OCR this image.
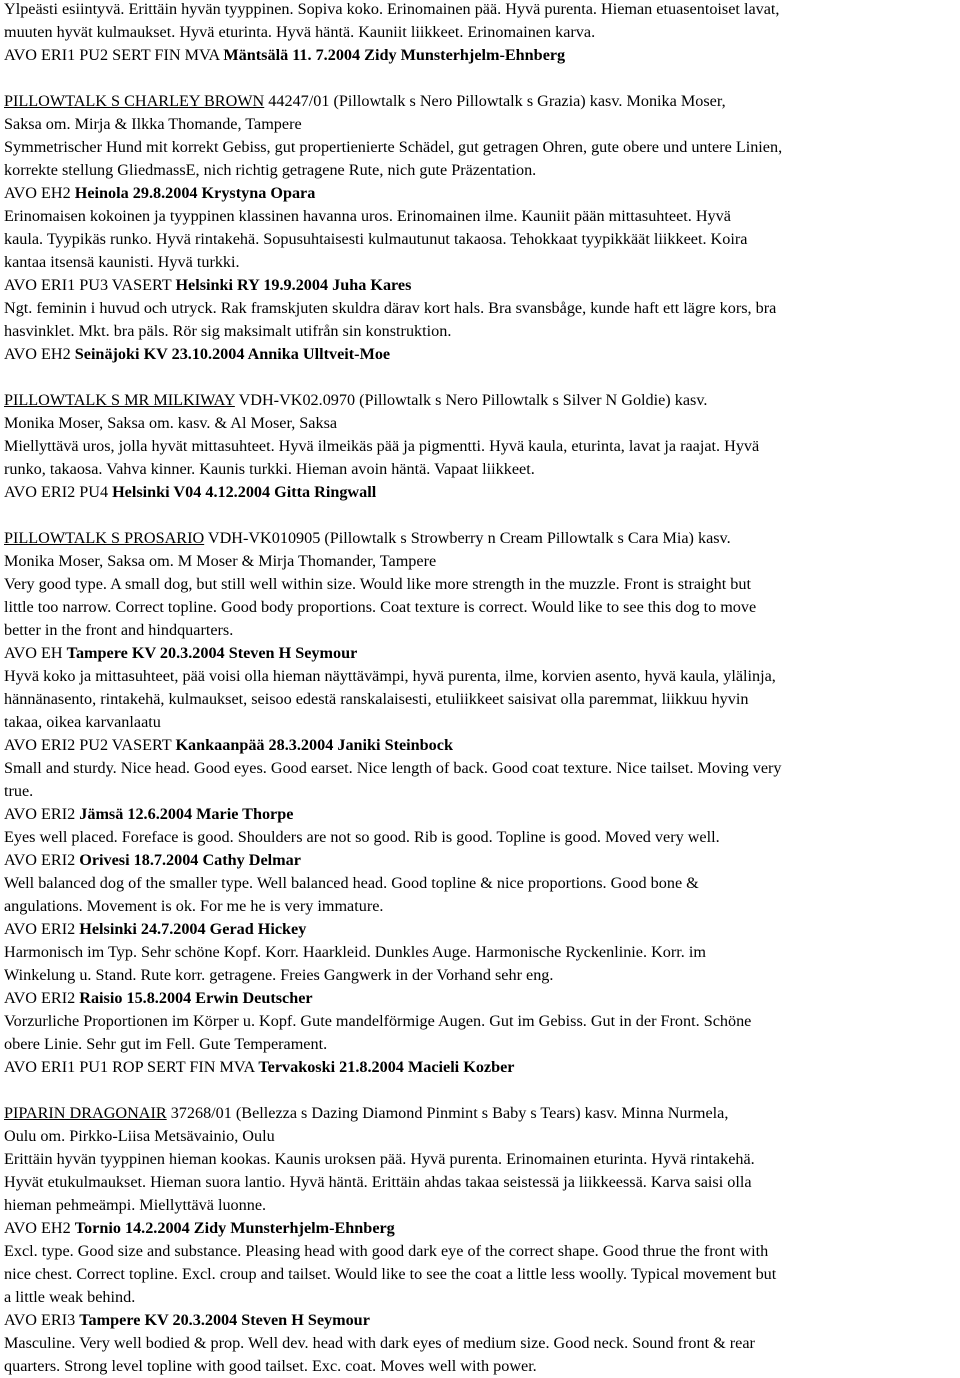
Ylpeästi esiintyvä. Erittäin hyvän tyyppinen. Sopiva koko. Erinomainen pää. Hyvä purenta. Hieman etuasentoiset lavat,
muuten hyvät kulmaukset. Hyvä eturinta. Hyvä häntä. Kauniit liikkeet. Erinomainen karva.
AVO ERI1 PU2 SERT FIN MVA Mäntsälä 11. 7.2004 Zidy Munsterhjelm-Ehnberg
PILLOWTALK S CHARLEY BROWN 44247/01 (Pillowtalk s Nero Pillowtalk s Grazia) kasv. Monika Moser,
Saksa om. Mirja & Ilkka Thomande, Tampere
Symmetrischer Hund mit korrekt Gebiss, gut propertienierte Schädel, gut getragen Ohren, gute obere und untere Linien,
korrekte stellung GliedmassE, nich richtig getragene Rute, nich gute Präzentation.
AVO EH2 Heinola 29.8.2004 Krystyna Opara
Erinomaisen kokoinen ja tyyppinen klassinen havanna uros. Erinomainen ilme. Kauniit pään mittasuhteet. Hyvä
kaula. Tyypikäs runko. Hyvä rintakehä. Sopusuhtaisesti kulmautunut takaosa. Tehokkaat tyypikkäät liikkeet. Koira
kantaa itsensä kaunisti. Hyvä turkki.
AVO ERI1 PU3 VASERT Helsinki RY 19.9.2004 Juha Kares
Ngt. feminin i huvud och utryck. Rak framskjuten skuldra därav kort hals. Bra svansbåge, kunde haft ett lägre kors, bra
hasvinklet. Mkt. bra päls. Rör sig maksimalt utifrån sin konstruktion.
AVO EH2 Seinäjoki KV 23.10.2004 Annika Ulltveit-Moe
PILLOWTALK S MR MILKIWAY VDH-VK02.0970 (Pillowtalk s Nero Pillowtalk s Silver N Goldie) kasv.
Monika Moser, Saksa om. kasv. & Al Moser, Saksa
Miellyttävä uros, jolla hyvät mittasuhteet. Hyvä ilmeikäs pää ja pigmentti. Hyvä kaula, eturinta, lavat ja raajat. Hyvä
runko, takaosa. Vahva kinner. Kaunis turkki. Hieman avoin häntä. Vapaat liikkeet.
AVO ERI2 PU4 Helsinki V04 4.12.2004 Gitta Ringwall
PILLOWTALK S PROSARIO VDH-VK010905 (Pillowtalk s Strowberry n Cream Pillowtalk s Cara Mia) kasv.
Monika Moser, Saksa om. M Moser & Mirja Thomander, Tampere
Very good type. A small dog, but still well within size. Would like more strength in the muzzle. Front is straight but
little too narrow. Correct topline. Good body proportions. Coat texture is correct. Would like to see this dog to move
better in the front and hindquarters.
AVO EH Tampere KV 20.3.2004 Steven H Seymour
Hyvä koko ja mittasuhteet, pää voisi olla hieman näyttävämpi, hyvä purenta, ilme, korvien asento, hyvä kaula, ylälinja,
hännänasento, rintakehä, kulmaukset, seisoo edestä ranskalaisesti, etuliikkeet saisivat olla paremmat, liikkuu hyvin
takaa, oikea karvanlaatu
AVO ERI2 PU2 VASERT Kankaanpää 28.3.2004 Janiki Steinbock
Small and sturdy. Nice head. Good eyes. Good earset. Nice length of back. Good coat texture. Nice tailset. Moving very
true.
AVO ERI2 Jämsä 12.6.2004 Marie Thorpe
Eyes well placed. Foreface is good. Shoulders are not so good. Rib is good. Topline is good. Moved very well.
AVO ERI2 Orivesi 18.7.2004 Cathy Delmar
Well balanced dog of the smaller type. Well balanced head. Good topline & nice proportions. Good bone &
angulations. Movement is ok. For me he is very immature.
AVO ERI2 Helsinki 24.7.2004 Gerad Hickey
Harmonisch im Typ. Sehr schöne Kopf. Korr. Haarkleid. Dunkles Auge. Harmonische Ryckenlinie. Korr. im
Winkelung u. Stand. Rute korr. getragene. Freies Gangwerk in der Vorhand sehr eng.
AVO ERI2 Raisio 15.8.2004 Erwin Deutscher
Vorzurliche Proportionen im Körper u. Kopf. Gute mandelförmige Augen. Gut im Gebiss. Gut in der Front. Schöne
obere Linie. Sehr gut im Fell. Gute Temperament.
AVO ERI1 PU1 ROP SERT FIN MVA Tervakoski 21.8.2004 Macieli Kozber
PIPARIN DRAGONAIR 37268/01 (Bellezza s Dazing Diamond Pinmint s Baby s Tears) kasv. Minna Nurmela,
Oulu om. Pirkko-Liisa Metsävainio, Oulu
Erittäin hyvän tyyppinen hieman kookas. Kaunis uroksen pää. Hyvä purenta. Erinomainen eturinta. Hyvä rintakehä.
Hyvät etukulmaukset. Hieman suora lantio. Hyvä häntä. Erittäin ahdas takaa seistessä ja liikkeessä. Karva saisi olla
hieman pehmeämpi. Miellyttävä luonne.
AVO EH2 Tornio 14.2.2004 Zidy Munsterhjelm-Ehnberg
Excl. type. Good size and substance. Pleasing head with good dark eye of the correct shape. Good thrue the front with
nice chest. Correct topline. Excl. croup and tailset. Would like to see the coat a little less woolly. Typical movement but
a little weak behind.
AVO ERI3 Tampere KV 20.3.2004 Steven H Seymour
Masculine. Very well bodied & prop. Well dev. head with dark eyes of medium size. Good neck. Sound front & rear
quarters. Strong level topline with good tailset. Exc. coat. Moves well with power.
